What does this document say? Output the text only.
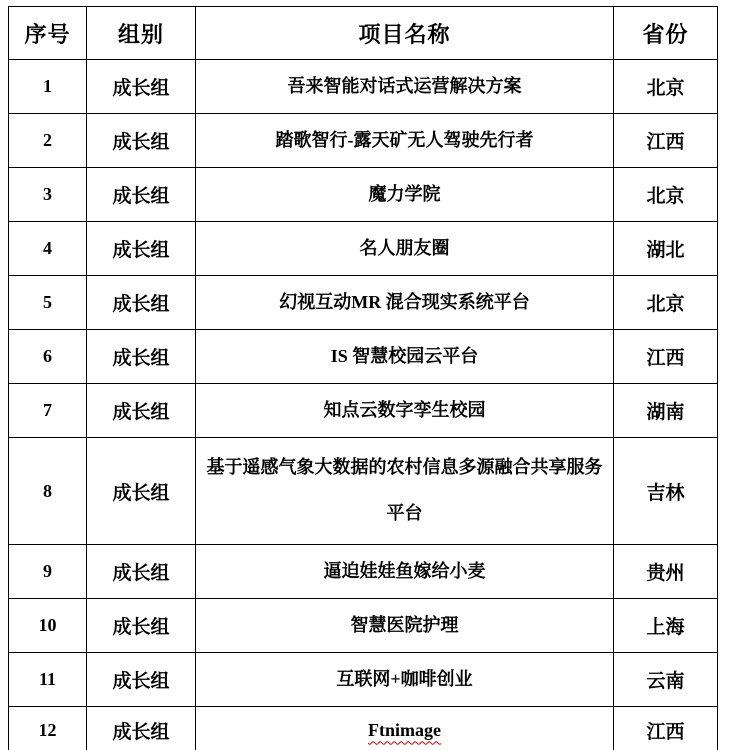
序号	组别	项目名称	省份
1	成长组	吾来智能对话式运营解决方案	北京
2	成长组	踏歌智行-露天矿无人驾驶先行者	江西
3	成长组	魔力学院	北京
4	成长组	名人朋友圈	湖北
5	成长组	幻视互动MR 混合现实系统平台	北京
6	成长组	IS 智慧校园云平台	江西
7	成长组	知点云数字孪生校园	湖南
8	成长组	基于遥感气象大数据的农村信息多源融合共享服务平台	吉林
9	成长组	逼迫娃娃鱼嫁给小麦	贵州
10	成长组	智慧医院护理	上海
11	成长组	互联网+咖啡创业	云南
12	成长组	Ftnimage	江西
